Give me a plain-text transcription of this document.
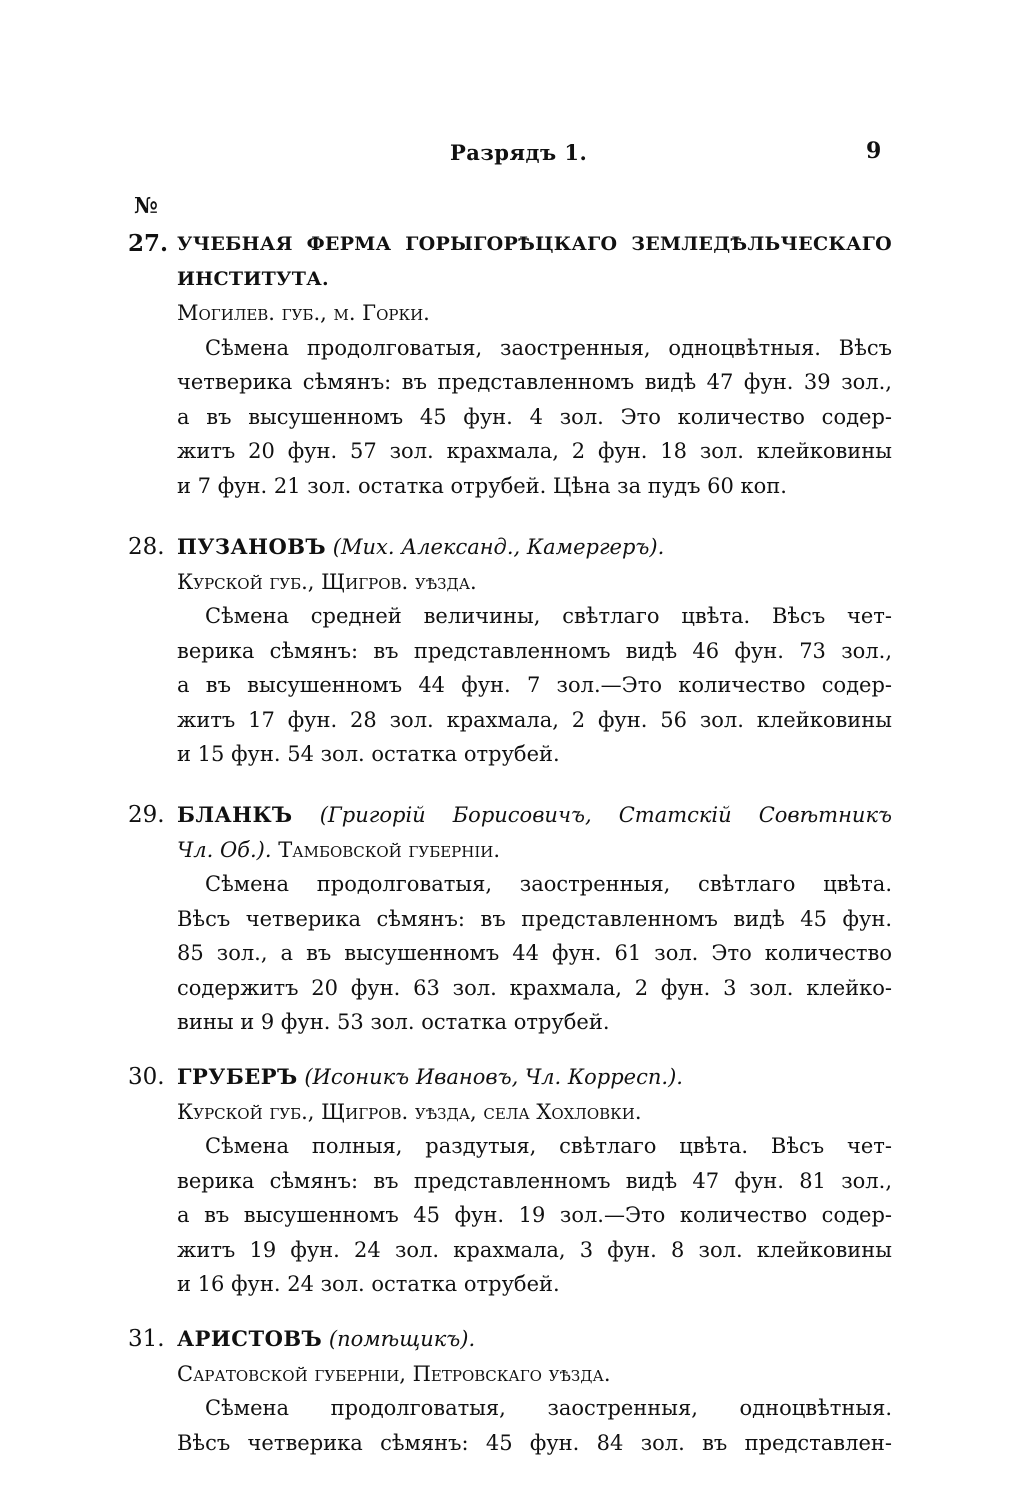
Разрядъ 1.	9
№
27. УЧЕБНАЯ ФЕРМА ГОРЫГОРѢЦКАГО ЗЕМЛЕДѢЛЬЧЕСКАГО
ИНСТИТУТА.
Могилев. губ., м. Горки.
Сѣмена продолговатыя, заостренныя, одноцвѣтныя. Вѣсъ
четверика сѣмянъ: въ представленномъ видѣ 47 фун. 39 зол.,
а въ высушенномъ 45 фун. 4 зол. Это количество содер-
житъ 20 фун. 57 зол. крахмала, 2 фун. 18 зол. клейковины
и 7 фун. 21 зол. остатка отрубей. Цѣна за пудъ 60 коп.
28. ПУЗАНОВЪ (Мих. Александ., Камергеръ).
Курской губ., Щигров. уѣзда.
Сѣмена средней величины, свѣтлаго цвѣта. Вѣсъ чет-
верика сѣмянъ: въ представленномъ видѣ 46 фун. 73 зол.,
а въ высушенномъ 44 фун. 7 зол.—Это количество содер-
житъ 17 фун. 28 зол. крахмала, 2 фун. 56 зол. клейковины
и 15 фун. 54 зол. остатка отрубей.
29. БЛАНКЪ (Григорій Борисовичъ, Статскій Совѣтникъ
Чл. Об.). Тамбовской губерніи.
Сѣмена продолговатыя, заостренныя, свѣтлаго цвѣта.
Вѣсъ четверика сѣмянъ: въ представленномъ видѣ 45 фун.
85 зол., а въ высушенномъ 44 фун. 61 зол. Это количество
содержитъ 20 фун. 63 зол. крахмала, 2 фун. 3 зол. клейко-
вины и 9 фун. 53 зол. остатка отрубей.
30. ГРУБЕРЪ (Исоникъ Ивановъ, Чл. Корресп.).
Курской губ., Щигров. уѣзда, села Хохловки.
Сѣмена полныя, раздутыя, свѣтлаго цвѣта. Вѣсъ чет-
верика сѣмянъ: въ представленномъ видѣ 47 фун. 81 зол.,
а въ высушенномъ 45 фун. 19 зол.—Это количество содер-
житъ 19 фун. 24 зол. крахмала, 3 фун. 8 зол. клейковины
и 16 фун. 24 зол. остатка отрубей.
31. АРИСТОВЪ (помѣщикъ).
Саратовской губерніи, Петровскаго уѣзда.
Сѣмена продолговатыя, заостренныя, одноцвѣтныя.
Вѣсъ четверика сѣмянъ: 45 фун. 84 зол. въ представлен-
